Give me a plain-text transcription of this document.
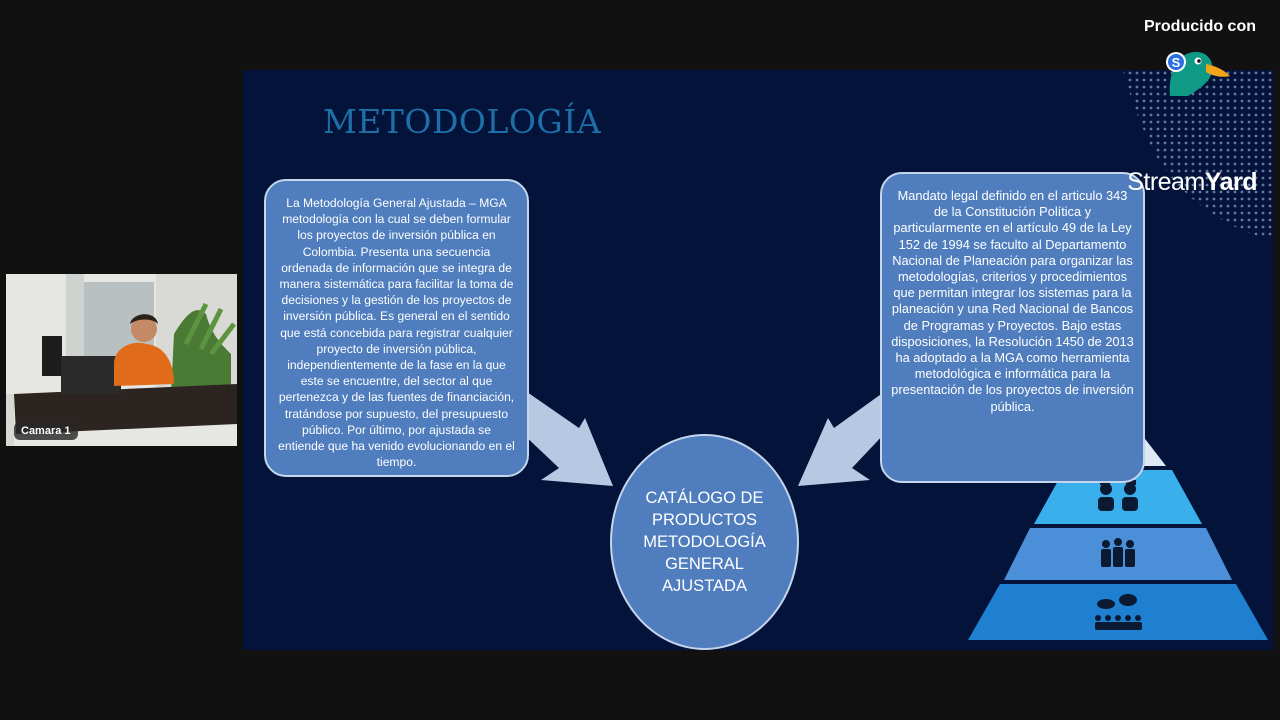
Producido con
METODOLOGÍA
La Metodología General Ajustada – MGA metodología con la cual se deben formular los proyectos de inversión pública en Colombia. Presenta una secuencia ordenada de información que se integra de manera sistemática para facilitar la toma de decisiones y la gestión de los proyectos de inversión pública. Es general en el sentido que está concebida para registrar cualquier proyecto de inversión pública, independientemente de la fase en la que este se encuentre, del sector al que pertenezca y de las fuentes de financiación, tratándose por supuesto, del presupuesto público. Por último, por ajustada se entiende que ha venido evolucionando en el tiempo.
Mandato legal definido en el articulo 343 de la Constitución Política y particularmente en el artículo 49 de la Ley 152 de 1994 se faculto al Departamento Nacional de Planeación para organizar las metodologías, criterios y procedimientos que permitan integrar los sistemas para la planeación y una Red Nacional de Bancos de Programas y Proyectos. Bajo estas disposiciones, la Resolución 1450 de 2013 ha adoptado a la MGA como herramienta metodológica e informática para la presentación de los proyectos de inversión pública.
CATÁLOGO DE
PRODUCTOS
METODOLOGÍA
GENERAL
AJUSTADA
StreamYard
S
Camara 1
